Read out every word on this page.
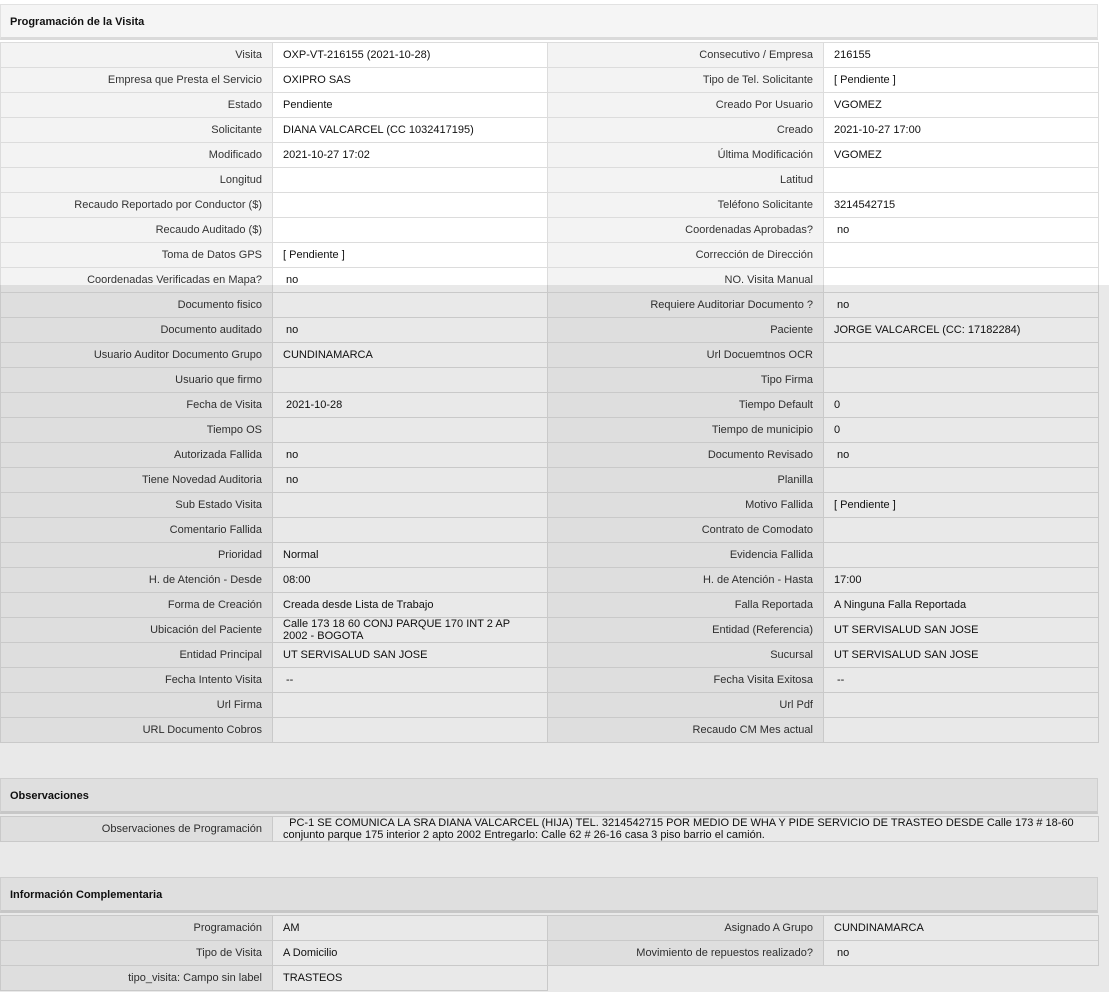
Programación de la Visita
Visita	OXP-VT-216155 (2021-10-28)	Consecutivo / Empresa	216155
Empresa que Presta el Servicio	OXIPRO SAS	Tipo de Tel. Solicitante	[ Pendiente ]
Estado	Pendiente	Creado Por Usuario	VGOMEZ
Solicitante	DIANA VALCARCEL (CC 1032417195)	Creado	2021-10-27 17:00
Modificado	2021-10-27 17:02	Última Modificación	VGOMEZ
Longitud		Latitud	
Recaudo Reportado por Conductor ($)		Teléfono Solicitante	3214542715
Recaudo Auditado ($)		Coordenadas Aprobadas?	no
Toma de Datos GPS	[ Pendiente ]	Corrección de Dirección	
Coordenadas Verificadas en Mapa?	no	NO. Visita Manual	
Documento fisico		Requiere Auditoriar Documento ?	no
Documento auditado	no	Paciente	JORGE VALCARCEL (CC: 17182284)
Usuario Auditor Documento Grupo	CUNDINAMARCA	Url Docuemtnos OCR	
Usuario que firmo		Tipo Firma	
Fecha de Visita	2021-10-28	Tiempo Default	0
Tiempo OS		Tiempo de municipio	0
Autorizada Fallida	no	Documento Revisado	no
Tiene Novedad Auditoria	no	Planilla	
Sub Estado Visita		Motivo Fallida	[ Pendiente ]
Comentario Fallida		Contrato de Comodato	
Prioridad	Normal	Evidencia Fallida	
H. de Atención - Desde	08:00	H. de Atención - Hasta	17:00
Forma de Creación	Creada desde Lista de Trabajo	Falla Reportada	A Ninguna Falla Reportada
Ubicación del Paciente	Calle 173 18 60 CONJ PARQUE 170 INT 2 AP 2002 - BOGOTA	Entidad (Referencia)	UT SERVISALUD SAN JOSE
Entidad Principal	UT SERVISALUD SAN JOSE	Sucursal	UT SERVISALUD SAN JOSE
Fecha Intento Visita	--	Fecha Visita Exitosa	--
Url Firma		Url Pdf	
URL Documento Cobros		Recaudo CM Mes actual	
Observaciones
Observaciones de Programación	PC-1 SE COMUNICA LA SRA DIANA VALCARCEL (HIJA) TEL. 3214542715 POR MEDIO DE WHA Y PIDE SERVICIO DE TRASTEO DESDE Calle 173 # 18-60 conjunto parque 175 interior 2 apto 2002 Entregarlo: Calle 62 # 26-16 casa 3 piso barrio el camión.
Información Complementaria
Programación	AM	Asignado A Grupo	CUNDINAMARCA
Tipo de Visita	A Domicilio	Movimiento de repuestos realizado?	no
tipo_visita: Campo sin label	TRASTEOS		
